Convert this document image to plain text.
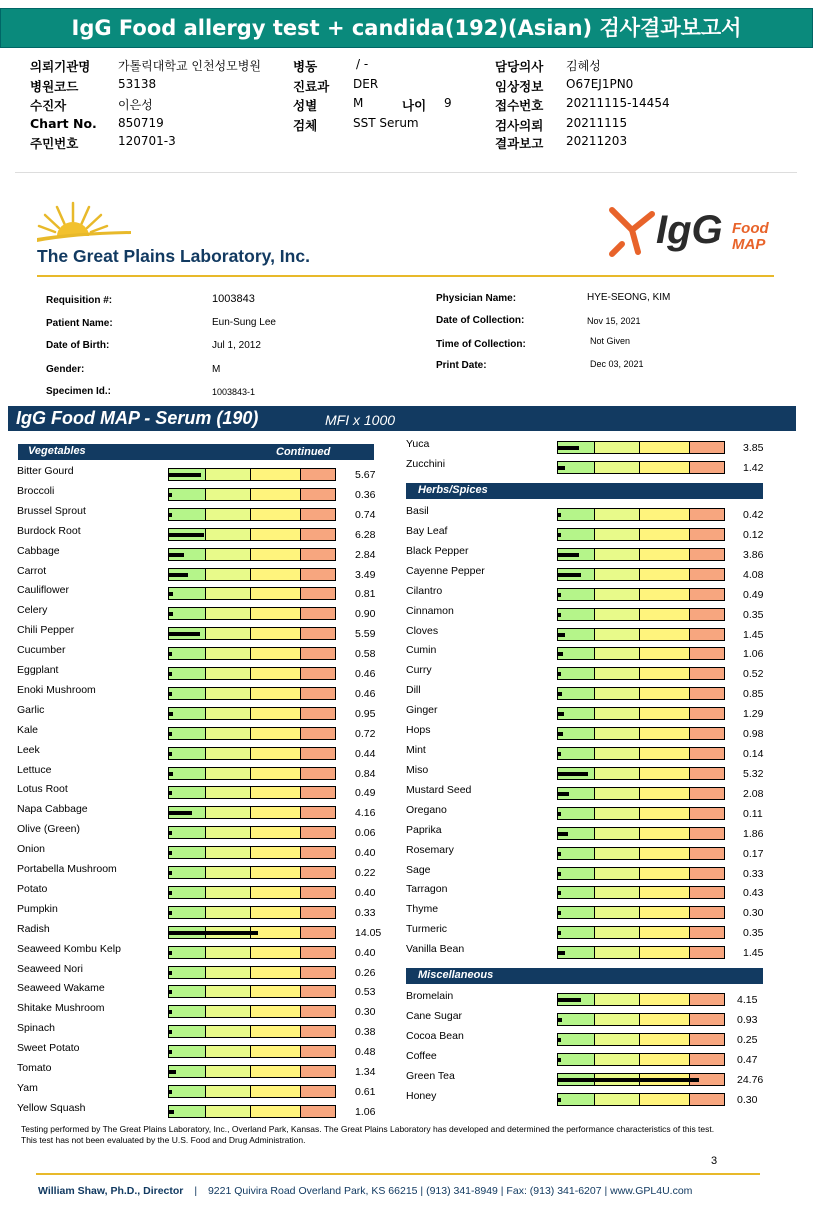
IgG Food allergy test + candida(192)(Asian) 검사결과보고서
의뢰기관명 가톨릭대학교 인천성모병원
병원코드	53138
수진자	이은성
Chart No. 850719
주민번호	120701-3
병동	/ -
진료과 DER
성별	M	나이 9
검체	SST Serum
담당의사 김혜성
임상정보 O67EJ1PN0
접수번호 20211115-14454
검사의뢰 20211115
결과보고 20211203
The Great Plains Laboratory, Inc.
IgG Food
MAP
Requisition #:	1003843
Patient Name:	Eun-Sung Lee
Date of Birth:	Jul 1, 2012
Gender:	M
Specimen Id.:	1003843-1
Physician Name:	HYE-SEONG, KIM
Date of Collection:	Nov 15, 2021
Time of Collection:	Not Given
Print Date:	Dec 03, 2021
IgG Food MAP - Serum (190)	MFI x 1000
Vegetables	Continued
Herbs/Spices
Miscellaneous
Bitter Gourd	5.67
Broccoli	0.36
Brussel Sprout	0.74
Burdock Root	6.28
Cabbage	2.84
Carrot	3.49
Cauliflower	0.81
Celery	0.90
Chili Pepper	5.59
Cucumber	0.58
Eggplant	0.46
Enoki Mushroom	0.46
Garlic	0.95
Kale	0.72
Leek	0.44
Lettuce	0.84
Lotus Root	0.49
Napa Cabbage	4.16
Olive (Green)	0.06
Onion	0.40
Portabella Mushroom	0.22
Potato	0.40
Pumpkin	0.33
Radish	14.05
Seaweed Kombu Kelp	0.40
Seaweed Nori	0.26
Seaweed Wakame	0.53
Shitake Mushroom	0.30
Spinach	0.38
Sweet Potato	0.48
Tomato	1.34
Yam	0.61
Yellow Squash	1.06
Yuca	3.85
Zucchini	1.42
Basil	0.42
Bay Leaf	0.12
Black Pepper	3.86
Cayenne Pepper	4.08
Cilantro	0.49
Cinnamon	0.35
Cloves	1.45
Cumin	1.06
Curry	0.52
Dill	0.85
Ginger	1.29
Hops	0.98
Mint	0.14
Miso	5.32
Mustard Seed	2.08
Oregano	0.11
Paprika	1.86
Rosemary	0.17
Sage	0.33
Tarragon	0.43
Thyme	0.30
Turmeric	0.35
Vanilla Bean	1.45
Bromelain	4.15
Cane Sugar	0.93
Cocoa Bean	0.25
Coffee	0.47
Green Tea	24.76
Honey	0.30
Testing performed by The Great Plains Laboratory, Inc., Overland Park, Kansas. The Great Plains Laboratory has developed and determined the performance characteristics of this test. This test has not been evaluated by the U.S. Food and Drug Administration.
3
William Shaw, Ph.D., Director | 9221 Quivira Road Overland Park, KS 66215 | (913) 341-8949 | Fax: (913) 341-6207 | www.GPL4U.com
